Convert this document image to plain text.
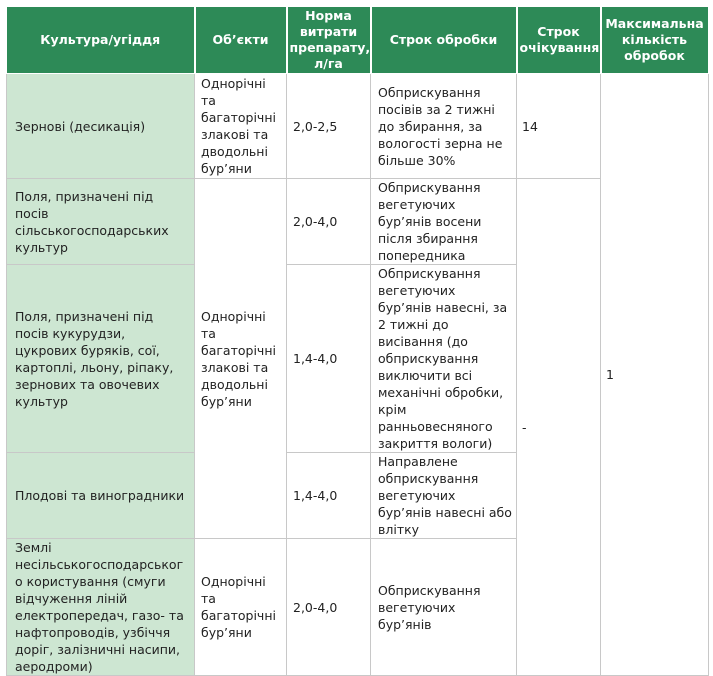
Культура/угіддя	Об’єкти	Норма витрати препарату, л/га	Строк обробки	Строк очікування	Максимальна кількість обробок
Зернові (десикація)	Однорічні та багаторічні злакові та дводольні бур’яни	2,0-2,5	Обприскування посівів за 2 тижні до збирання, за вологості зерна не більше 30%	14	1
Поля, призначені під посів сільськогосподарських культур	Однорічні та багаторічні злакові та дводольні бур’яни	2,0-4,0	Обприскування вегетуючих бур’янів восени після збирання попередника	-	
Поля, призначені під посів кукурудзи, цукрових буряків, сої, картоплі, льону, ріпаку, зернових та овочевих культур		1,4-4,0	Обприскування вегетуючих бур’янів навесні, за 2 тижні до висівання (до обприскування виключити всі механічні обробки, крім ранньовесняного закриття вологи)		
Плодові та виноградники		1,4-4,0	Направлене обприскування вегетуючих бур’янів навесні або влітку		
Землі несільськогосподарського користування (смуги відчуження ліній електропередач, газо- та нафтопроводів, узбіччя доріг, залізничні насипи, аеродроми)	Однорічні та багаторічні бур’яни	2,0-4,0	Обприскування вегетуючих бур’янів		
